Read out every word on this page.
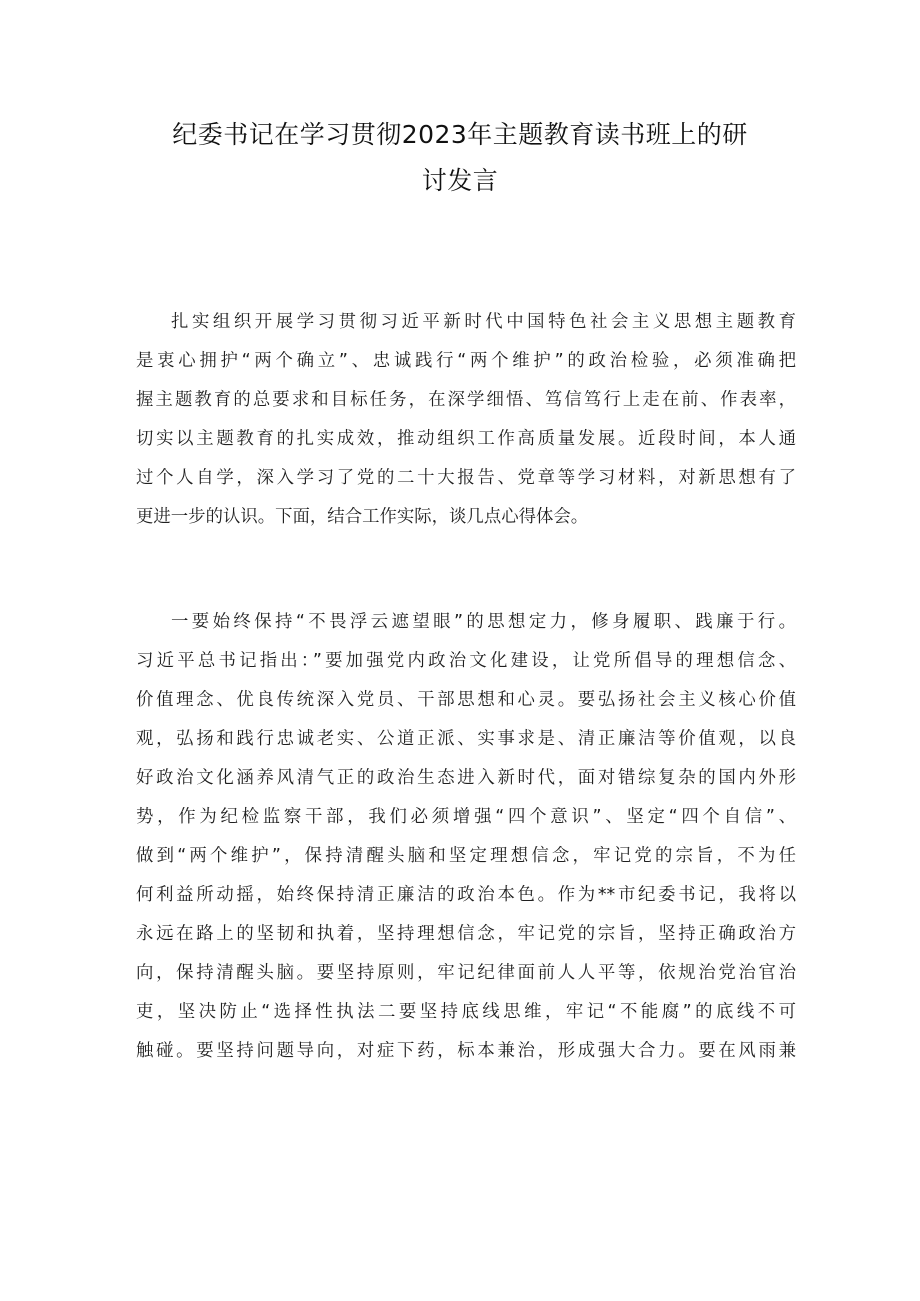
纪委书记在学习贯彻2023年主题教育读书班上的研
讨发言
扎实组织开展学习贯彻习近平新时代中国特色社会主义思想主题教育
是衷心拥护“两个确立”、忠诚践行“两个维护”的政治检验，必须准确把
握主题教育的总要求和目标任务，在深学细悟、笃信笃行上走在前、作表率，
切实以主题教育的扎实成效，推动组织工作高质量发展。近段时间，本人通
过个人自学，深入学习了党的二十大报告、党章等学习材料，对新思想有了
更进一步的认识。下面，结合工作实际，谈几点心得体会。
一要始终保持“不畏浮云遮望眼”的思想定力，修身履职、践廉于行。
习近平总书记指出：”要加强党内政治文化建设，让党所倡导的理想信念、
价值理念、优良传统深入党员、干部思想和心灵。要弘扬社会主义核心价值
观，弘扬和践行忠诚老实、公道正派、实事求是、清正廉洁等价值观，以良
好政治文化涵养风清气正的政治生态进入新时代，面对错综复杂的国内外形
势，作为纪检监察干部，我们必须增强“四个意识”、坚定“四个自信”、
做到“两个维护”，保持清醒头脑和坚定理想信念，牢记党的宗旨，不为任
何利益所动摇，始终保持清正廉洁的政治本色。作为**市纪委书记，我将以
永远在路上的坚韧和执着，坚持理想信念，牢记党的宗旨，坚持正确政治方
向，保持清醒头脑。要坚持原则，牢记纪律面前人人平等，依规治党治官治
吏，坚决防止“选择性执法二要坚持底线思维，牢记“不能腐”的底线不可
触碰。要坚持问题导向，对症下药，标本兼治，形成强大合力。要在风雨兼
